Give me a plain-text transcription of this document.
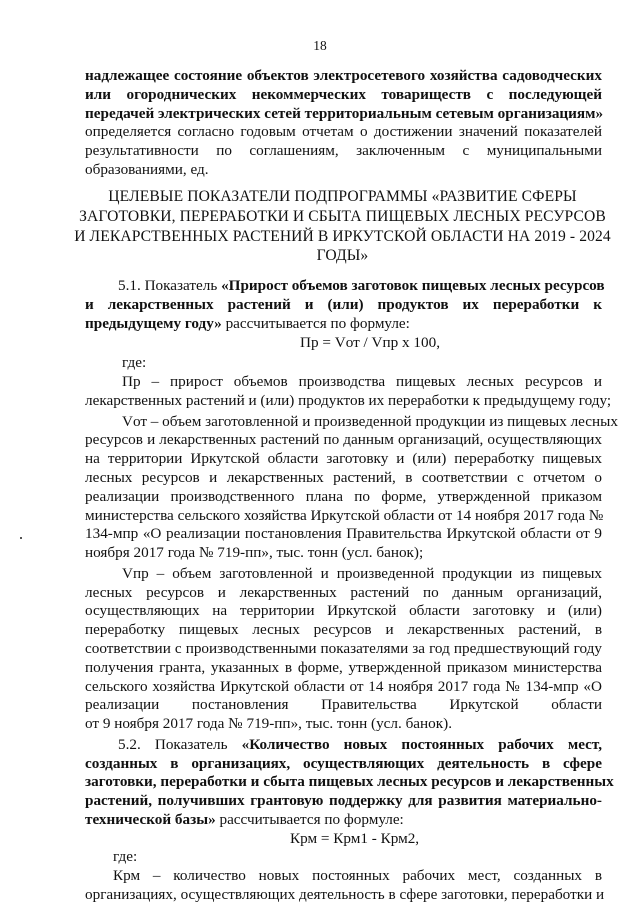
18
надлежащее состояние объектов электросетевого хозяйства садоводческих
или огороднических некоммерческих товариществ с последующей
передачей электрических сетей территориальным сетевым организациям»
определяется согласно годовым отчетам о достижении значений показателей
результативности по соглашениям, заключенным с муниципальными
образованиями, ед.
ЦЕЛЕВЫЕ ПОКАЗАТЕЛИ ПОДПРОГРАММЫ «РАЗВИТИЕ СФЕРЫ
ЗАГОТОВКИ, ПЕРЕРАБОТКИ И СБЫТА ПИЩЕВЫХ ЛЕСНЫХ РЕСУРСОВ
И ЛЕКАРСТВЕННЫХ РАСТЕНИЙ В ИРКУТСКОЙ ОБЛАСТИ НА 2019 - 2024
ГОДЫ»
5.1. Показатель «Прирост объемов заготовок пищевых лесных ресурсов
и лекарственных растений и (или) продуктов их переработки к
предыдущему году» рассчитывается по формуле:
Пр = Vот / Vпр х 100,
где:
Пр – прирост объемов производства пищевых лесных ресурсов и
лекарственных растений и (или) продуктов их переработки к предыдущему году;
Vот – объем заготовленной и произведенной продукции из пищевых лесных
ресурсов и лекарственных растений по данным организаций, осуществляющих
на территории Иркутской области заготовку и (или) переработку пищевых
лесных ресурсов и лекарственных растений, в соответствии с отчетом о
реализации производственного плана по форме, утвержденной приказом
министерства сельского хозяйства Иркутской области от 14 ноября 2017 года №
134-мпр «О реализации постановления Правительства Иркутской области от 9
ноября 2017 года № 719-пп», тыс. тонн (усл. банок);
Vпр – объем заготовленной и произведенной продукции из пищевых
лесных ресурсов и лекарственных растений по данным организаций,
осуществляющих на территории Иркутской области заготовку и (или)
переработку пищевых лесных ресурсов и лекарственных растений, в
соответствии с производственными показателями за год предшествующий году
получения гранта, указанных в форме, утвержденной приказом министерства
сельского хозяйства Иркутской области от 14 ноября 2017 года № 134-мпр «О
реализации постановления Правительства Иркутской области
от 9 ноября 2017 года № 719-пп», тыс. тонн (усл. банок).
5.2. Показатель «Количество новых постоянных рабочих мест,
созданных в организациях, осуществляющих деятельность в сфере
заготовки, переработки и сбыта пищевых лесных ресурсов и лекарственных
растений, получивших грантовую поддержку для развития материально-
технической базы» рассчитывается по формуле:
Крм = Крм1 - Крм2,
где:
Крм – количество новых постоянных рабочих мест, созданных в
организациях, осуществляющих деятельность в сфере заготовки, переработки и
